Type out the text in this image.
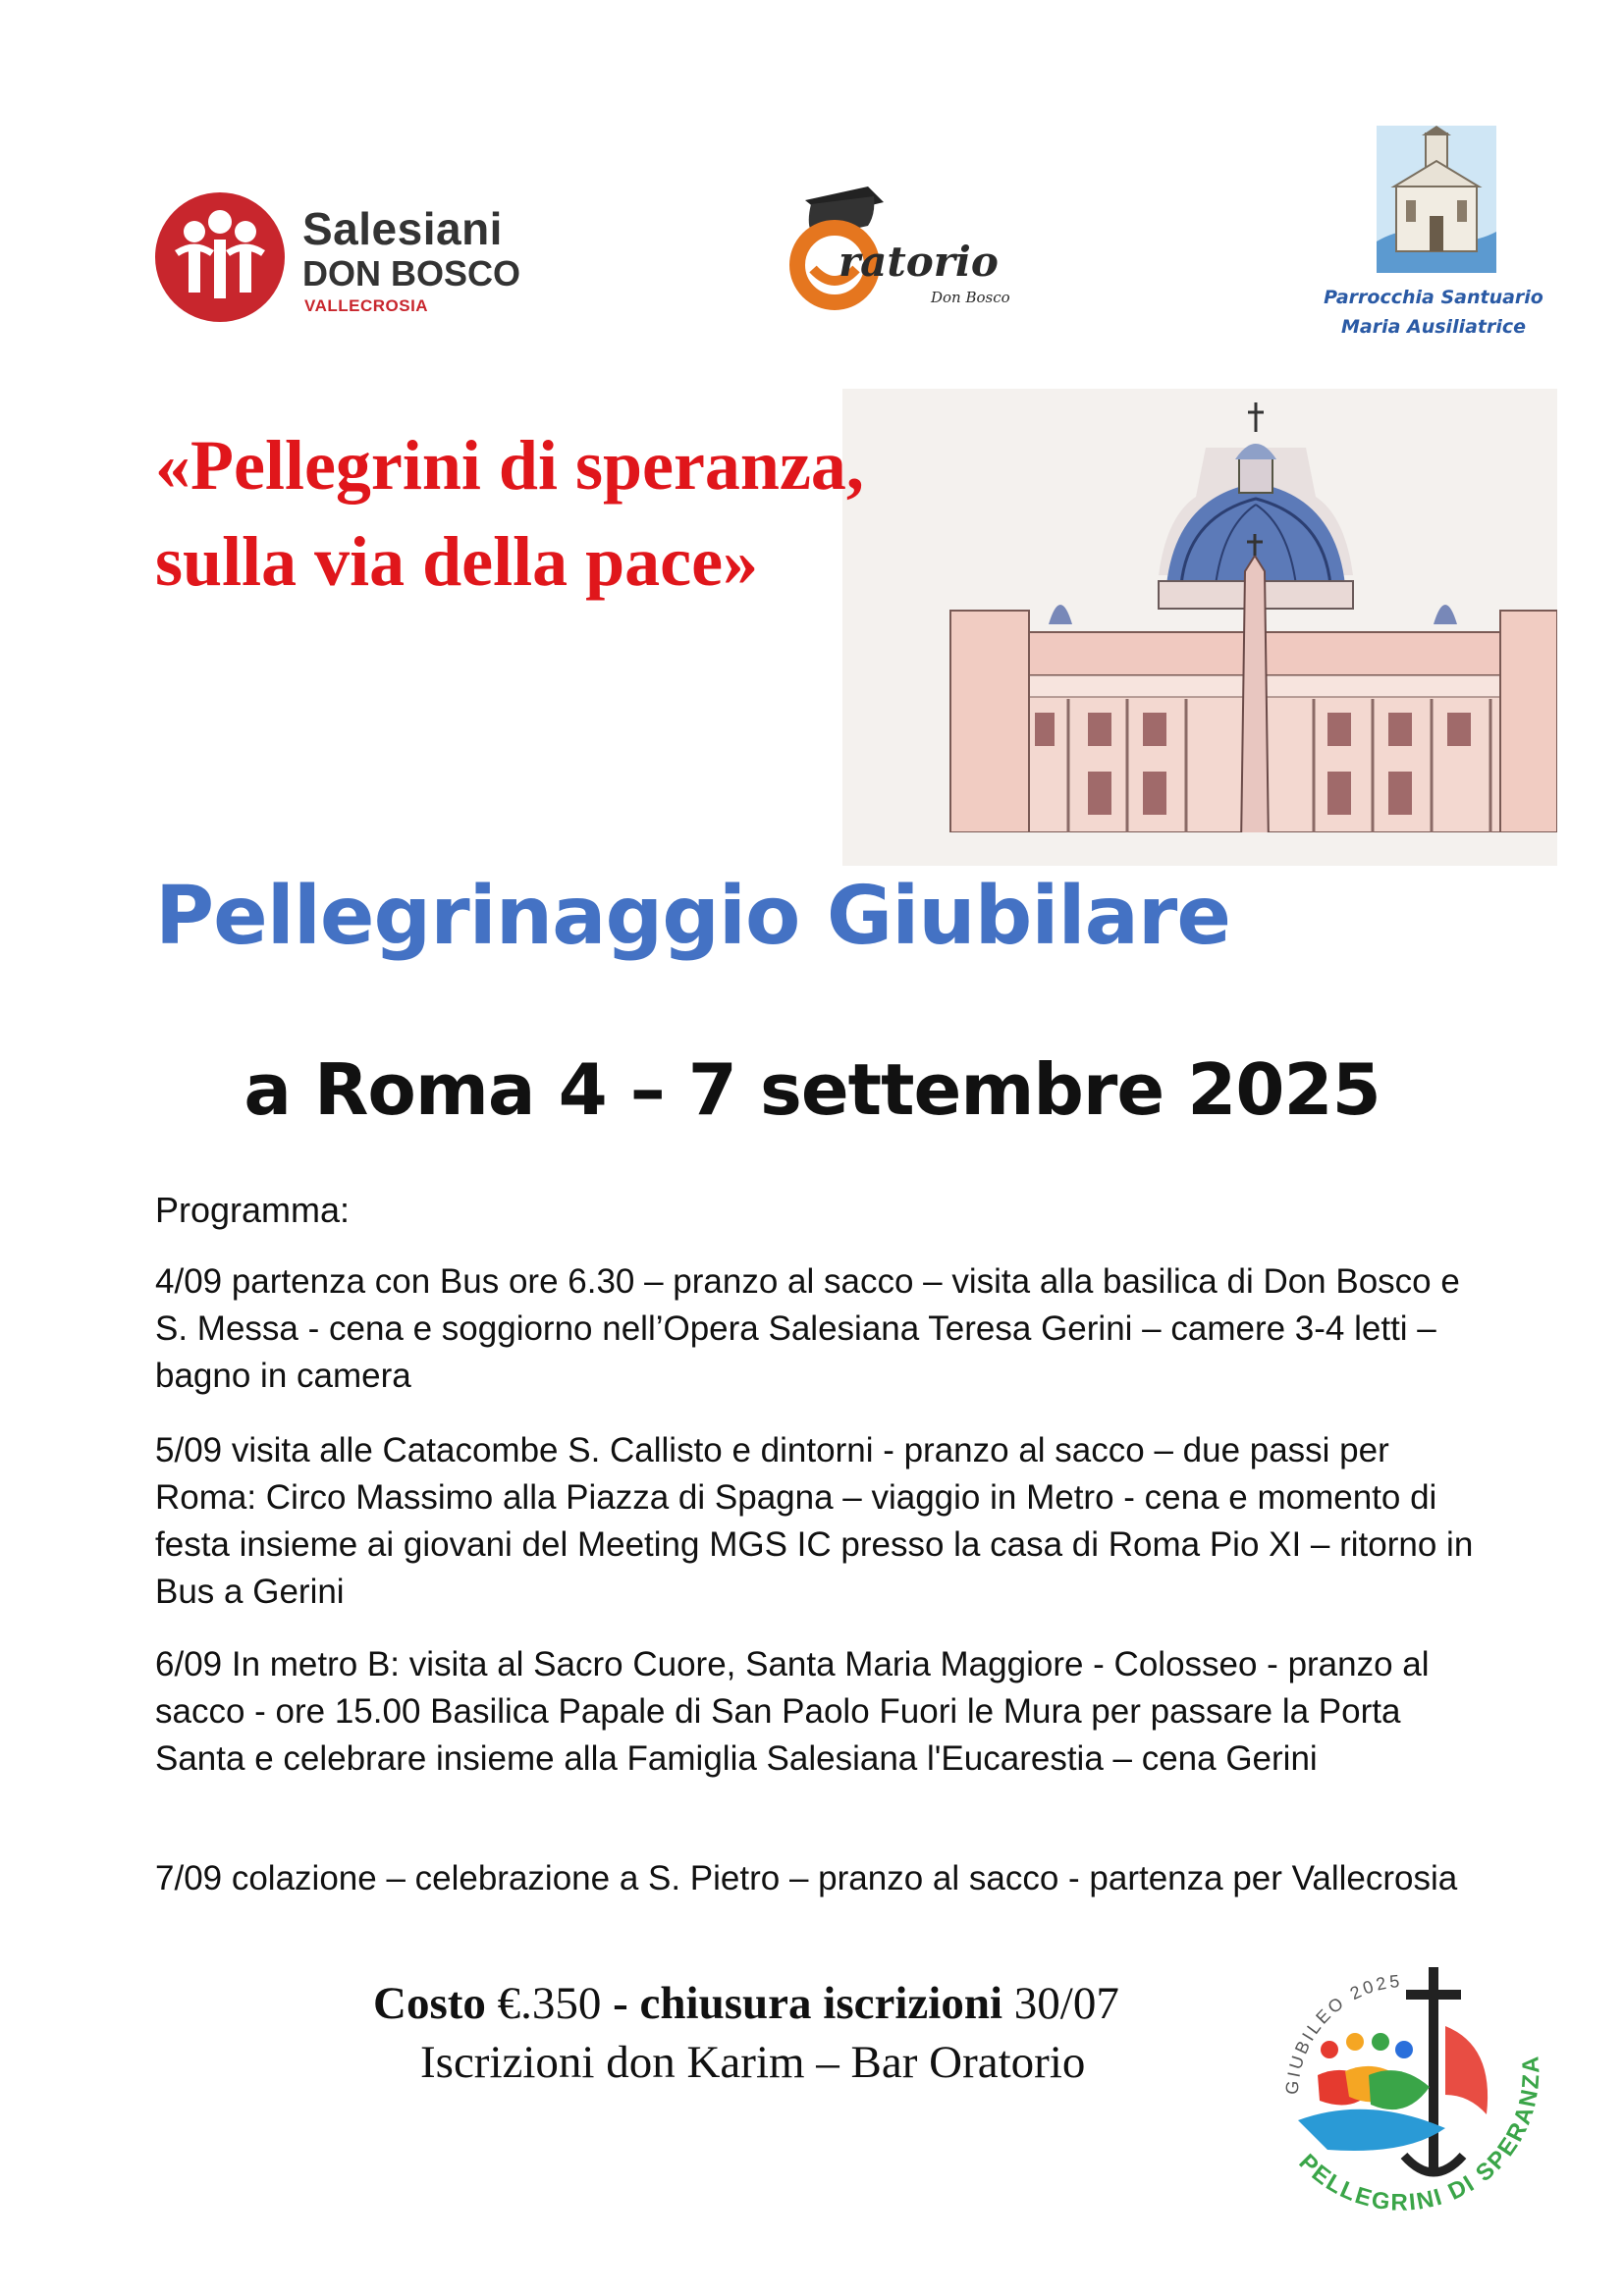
Salesiani
DON BOSCO
VALLECROSIA
ratorio
Don Bosco	Parrocchia Santuario
Maria Ausiliatrice
«Pellegrini di speranza,
sulla via della pace»
Pellegrinaggio Giubilare
a Roma 4 – 7 settembre 2025
Programma:
4/09 partenza con Bus ore 6.30 – pranzo al sacco – visita alla basilica di Don Bosco e S. Messa - cena e soggiorno nell’Opera Salesiana Teresa Gerini – camere 3-4 letti – bagno in camera
5/09 visita alle Catacombe S. Callisto e dintorni - pranzo al sacco – due passi per Roma: Circo Massimo alla Piazza di Spagna – viaggio in Metro - cena e momento di festa insieme ai giovani del Meeting MGS IC presso la casa di Roma Pio XI – ritorno in Bus a Gerini
6/09 In metro B: visita al Sacro Cuore, Santa Maria Maggiore - Colosseo - pranzo al sacco - ore 15.00 Basilica Papale di San Paolo Fuori le Mura per passare la Porta Santa e celebrare insieme alla Famiglia Salesiana l'Eucarestia – cena Gerini
7/09 colazione – celebrazione a S. Pietro – pranzo al sacco - partenza per Vallecrosia
Costo €.350 - chiusura iscrizioni 30/07
Iscrizioni don Karim – Bar Oratorio	GIUBILEO 2025
PELLEGRINI DI SPERANZA
